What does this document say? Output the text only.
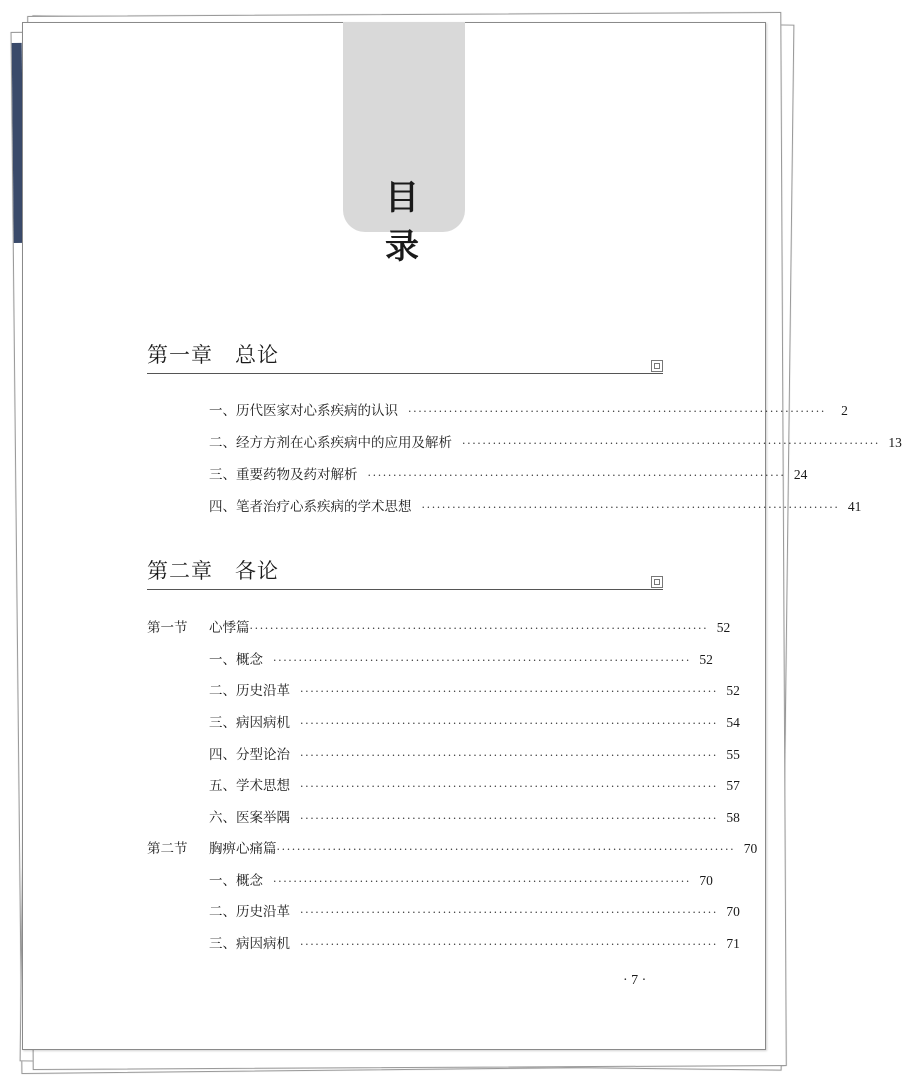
目 录
第一章　总论
一、历代医家对心系疾病的认识 ··················································································	2
二、经方方剂在心系疾病中的应用及解析 ·················································································· 13
三、重要药物及药对解析 ·················································································· 24
四、笔者治疗心系疾病的学术思想 ·················································································· 41
第二章　各论
第一节 心悸篇 ·························································································· 52
一、概念 ·················································································· 52
二、历史沿革 ·················································································· 52
三、病因病机 ·················································································· 54
四、分型论治 ·················································································· 55
五、学术思想 ·················································································· 57
六、医案举隅 ·················································································· 58
第二节 胸痹心痛篇 ·························································································· 70
一、概念 ·················································································· 70
二、历史沿革 ·················································································· 70
三、病因病机 ·················································································· 71
· 7 ·
